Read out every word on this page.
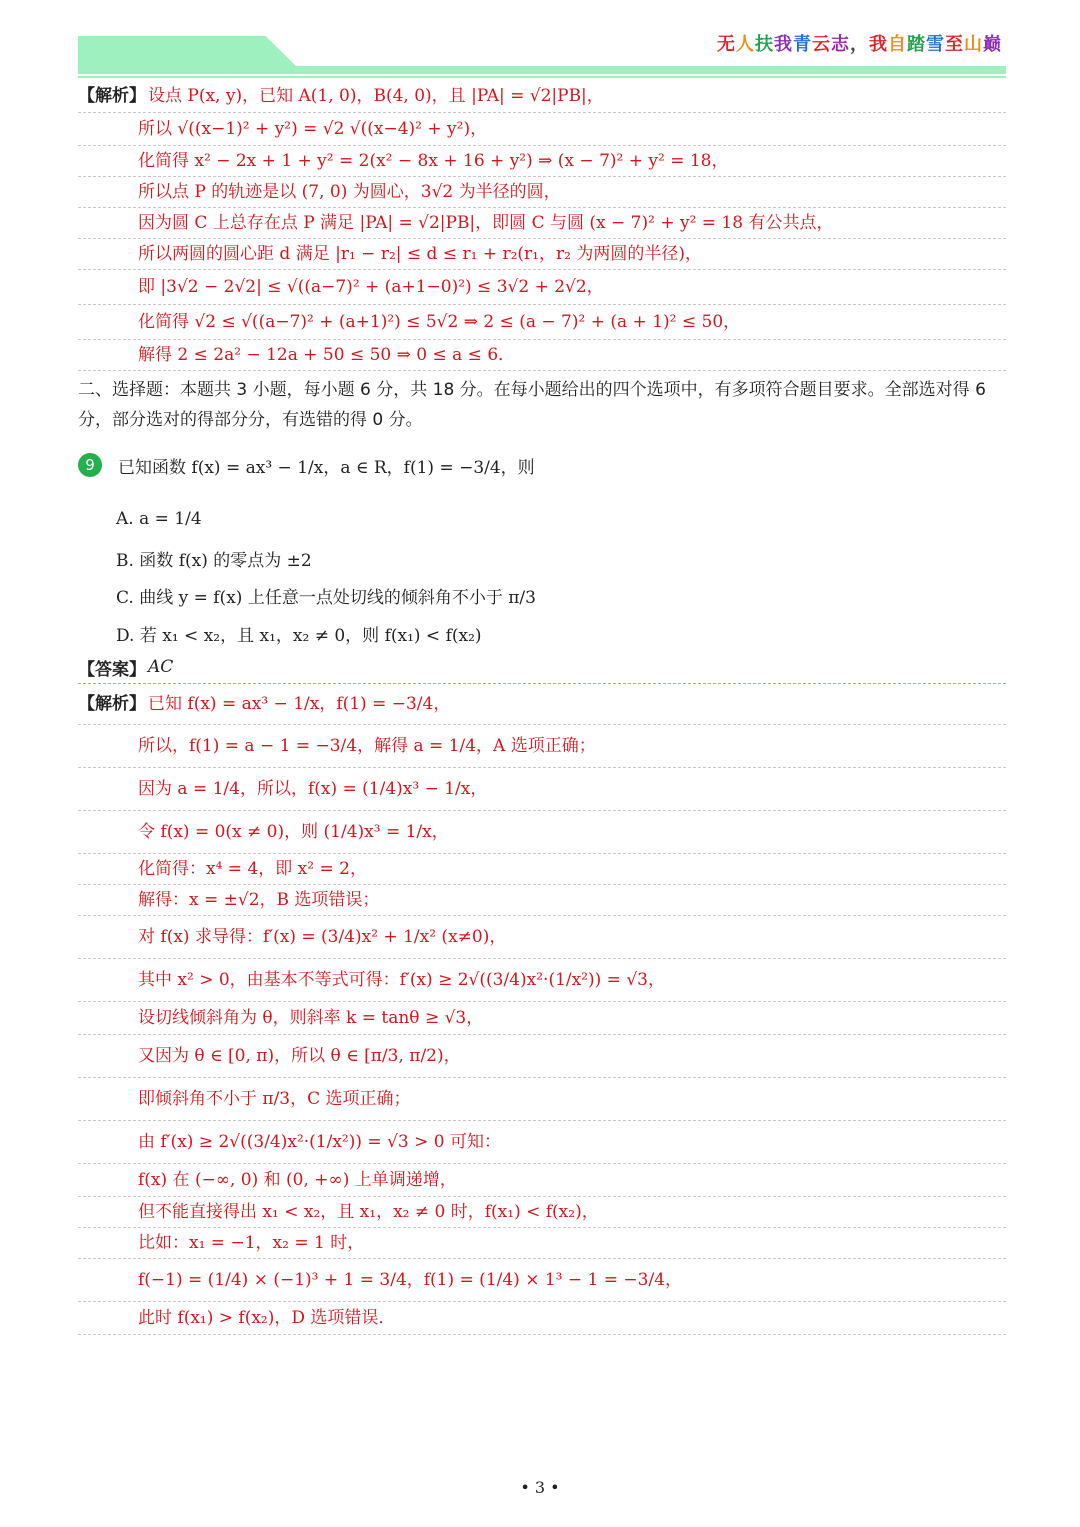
无人扶我青云志，我自踏雪至山巅
【解析】 设点 P(x, y)，已知 A(1, 0)，B(4, 0)，且 |PA| = √2|PB|，
所以 √((x−1)² + y²) = √2 √((x−4)² + y²)，
化简得 x² − 2x + 1 + y² = 2(x² − 8x + 16 + y²) ⇒ (x − 7)² + y² = 18，
所以点 P 的轨迹是以 (7, 0) 为圆心，3√2 为半径的圆，
因为圆 C 上总存在点 P 满足 |PA| = √2|PB|，即圆 C 与圆 (x − 7)² + y² = 18 有公共点，
所以两圆的圆心距 d 满足 |r₁ − r₂| ≤ d ≤ r₁ + r₂(r₁，r₂ 为两圆的半径)，
即 |3√2 − 2√2| ≤ √((a−7)² + (a+1−0)²) ≤ 3√2 + 2√2，
化简得 √2 ≤ √((a−7)² + (a+1)²) ≤ 5√2 ⇒ 2 ≤ (a − 7)² + (a + 1)² ≤ 50，
解得 2 ≤ 2a² − 12a + 50 ≤ 50 ⇒ 0 ≤ a ≤ 6．
二、选择题：本题共 3 小题，每小题 6 分，共 18 分。在每小题给出的四个选项中，有多项符合题目要求。全部选对得 6 分，部分选对的得部分分，有选错的得 0 分。
9	已知函数 f(x) = ax³ − 1/x，a ∈ R，f(1) = −3/4，则
A. a = 1/4
B. 函数 f(x) 的零点为 ±2
C. 曲线 y = f(x) 上任意一点处切线的倾斜角不小于 π/3
D. 若 x₁ < x₂，且 x₁，x₂ ≠ 0，则 f(x₁) < f(x₂)
【答案】 AC
【解析】 已知 f(x) = ax³ − 1/x，f(1) = −3/4，
所以，f(1) = a − 1 = −3/4，解得 a = 1/4，A 选项正确；
因为 a = 1/4，所以，f(x) = (1/4)x³ − 1/x，
令 f(x) = 0(x ≠ 0)，则 (1/4)x³ = 1/x，
化简得：x⁴ = 4，即 x² = 2，
解得：x = ±√2，B 选项错误；
对 f(x) 求导得：f′(x) = (3/4)x² + 1/x² (x≠0)，
其中 x² > 0，由基本不等式可得：f′(x) ≥ 2√((3/4)x²·(1/x²)) = √3，
设切线倾斜角为 θ，则斜率 k = tanθ ≥ √3，
又因为 θ ∈ [0, π)，所以 θ ∈ [π/3, π/2)，
即倾斜角不小于 π/3，C 选项正确；
由 f′(x) ≥ 2√((3/4)x²·(1/x²)) = √3 > 0 可知：
f(x) 在 (−∞, 0) 和 (0, +∞) 上单调递增，
但不能直接得出 x₁ < x₂，且 x₁，x₂ ≠ 0 时，f(x₁) < f(x₂)，
比如：x₁ = −1，x₂ = 1 时，
f(−1) = (1/4) × (−1)³ + 1 = 3/4，f(1) = (1/4) × 1³ − 1 = −3/4，
此时 f(x₁) > f(x₂)，D 选项错误．
• 3 •
